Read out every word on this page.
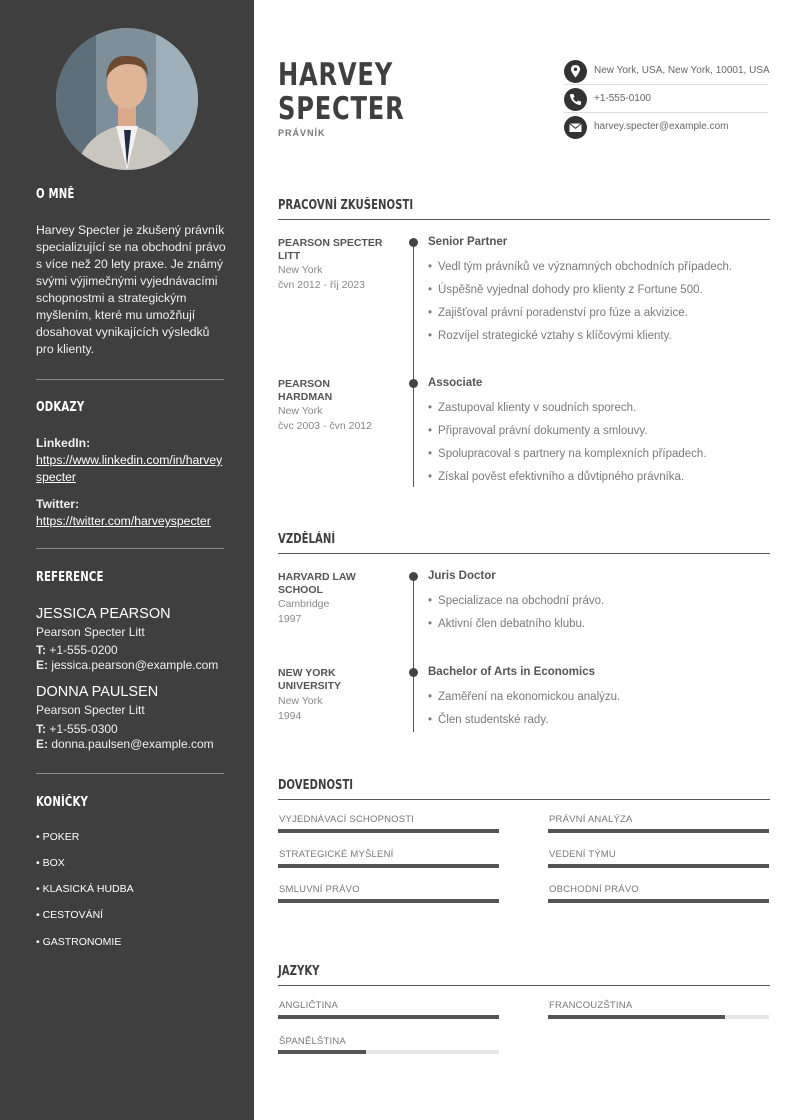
O MNĚ
Harvey Specter je zkušený právník specializující se na obchodní právo s více než 20 lety praxe. Je známý svými výjimečnými vyjednávacími schopnostmi a strategickým myšlením, které mu umožňují dosahovat vynikajících výsledků pro klienty.
ODKAZY
LinkedIn:
https://www.linkedin.com/in/harveyspecter
Twitter:
https://twitter.com/harveyspecter
REFERENCE
JESSICA PEARSON
Pearson Specter Litt
T: +1-555-0200
E: jessica.pearson@example.com
DONNA PAULSEN
Pearson Specter Litt
T: +1-555-0300
E: donna.paulsen@example.com
KONÍČKY
• POKER
• BOX
• KLASICKÁ HUDBA
• CESTOVÁNÍ
• GASTRONOMIE
HARVEY
SPECTER
PRÁVNÍK
New York, USA, New York, 10001, USA
+1-555-0100
harvey.specter@example.com
PRACOVNÍ ZKUŠENOSTI
PEARSON SPECTER LITT
New York
čvn 2012 - říj 2023
Senior Partner
• Vedl tým právníků ve významných obchodních případech.
• Úspěšně vyjednal dohody pro klienty z Fortune 500.
• Zajišťoval právní poradenství pro fúze a akvizice.
• Rozvíjel strategické vztahy s klíčovými klienty.
PEARSON HARDMAN
New York
čvc 2003 - čvn 2012
Associate
• Zastupoval klienty v soudních sporech.
• Připravoval právní dokumenty a smlouvy.
• Spolupracoval s partnery na komplexních případech.
• Získal pověst efektivního a důvtipného právníka.
VZDĚLÁNÍ
HARVARD LAW SCHOOL
Cambridge
1997
Juris Doctor
• Specializace na obchodní právo.
• Aktivní člen debatního klubu.
NEW YORK UNIVERSITY
New York
1994
Bachelor of Arts in Economics
• Zaměření na ekonomickou analýzu.
• Člen studentské rady.
DOVEDNOSTI
VYJEDNÁVACÍ SCHOPNOSTI	PRÁVNÍ ANALÝZA
STRATEGICKÉ MYŠLENÍ	VEDENÍ TÝMU
SMLUVNÍ PRÁVO	OBCHODNÍ PRÁVO
JAZYKY
ANGLIČTINA	FRANCOUZŠTINA
ŠPANĚLŠTINA
